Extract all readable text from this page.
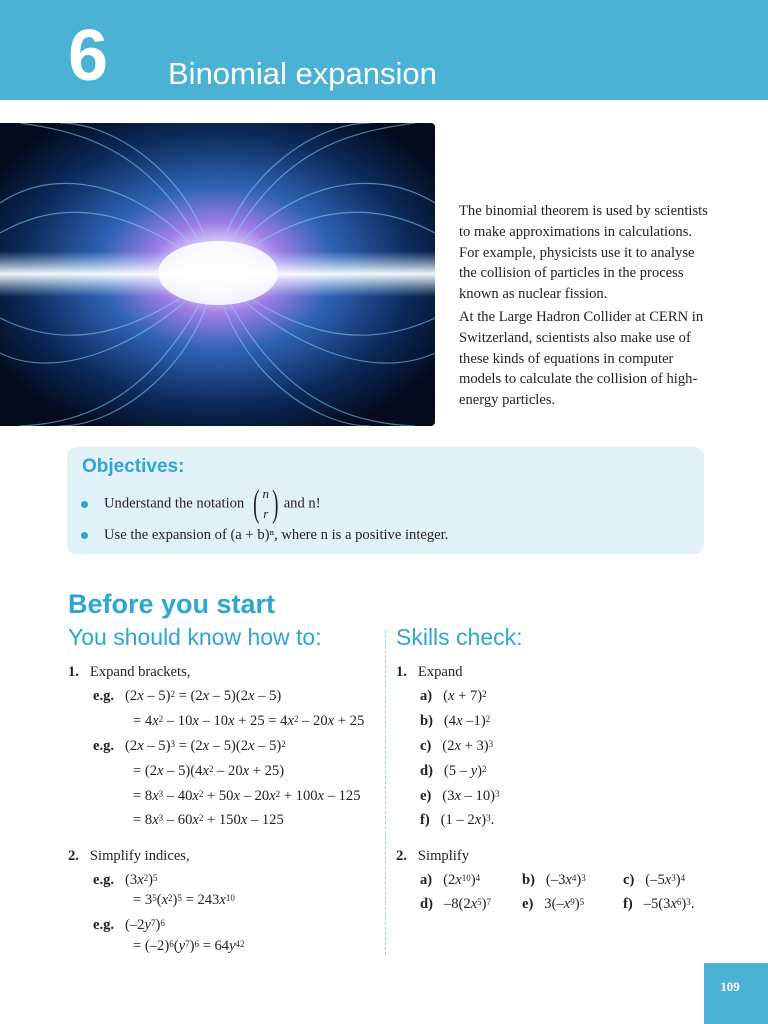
6 Binomial expansion

The binomial theorem is used by scientists to make approximations in calculations. For example, physicists use it to analyse the collision of particles in the process known as nuclear fission.

At the Large Hadron Collider at CERN in Switzerland, scientists also make use of these kinds of equations in computer models to calculate the collision of high-energy particles.

Objectives:
Understand the notation ( n
r ) and n!
Use the expansion of (a + b)ⁿ, where n is a positive integer.
Before you start
You should know how to:	Skills check:
1. Expand brackets,
e.g.   (2x – 5)$^2$ = (2x – 5)(2x – 5)
= $4x^2 - 10x - 10x + 25 = 4x^2 - 20x + 25$
e.g.   (2x – 5)$^3$ = (2x – 5)(2x – 5)$^2$
= $(2x - 5)(4x^2 - 20x + 25)$
= $8x^3 - 40x^2 + 50x - 20x^2 + 100x - 125$
= $8x^3 - 60x^2 + 150x - 125$
2. Simplify indices,
e.g.   $(3x^2)^5$
= $3^5(x^2)^5 = 243x^{10}$
e.g.   $(-2y^7)^6$
= $(-2)^6(y^7)^6 = 64y^{42}$
1. Expand
a)   $(x + 7)^2$
b)   (4x –1)$^2$
c)   $(2x + 3)^3$
d)   (5 – y)$^2$
e)   (3x – 10)$^3$
f)   (1 – 2x)$^3$.
2. Simplify
a)   $(2x^{10})^4$	b)   $(-3x^4)^3$	c)   $(-5x^3)^4$
d)   $-8(2x^5)^7$ e)   $3(-x^9)^5$	f)   $-5(3x^6)^3$.
109
